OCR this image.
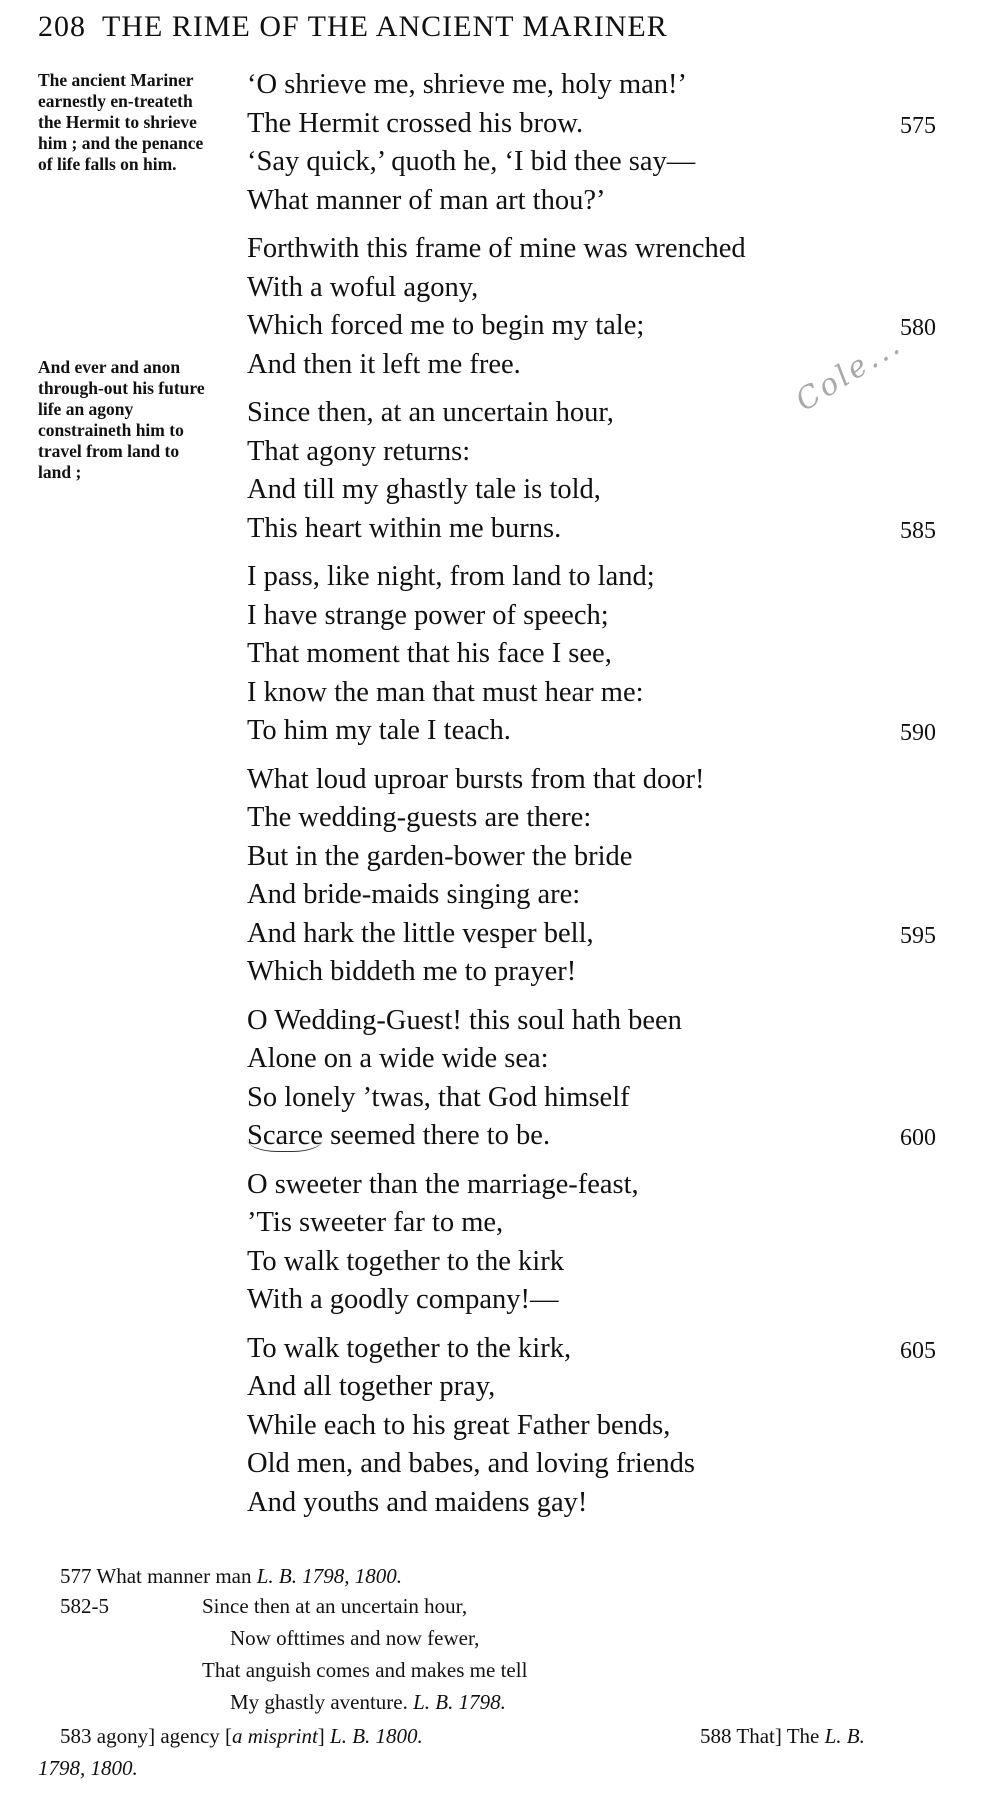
208 THE RIME OF THE ANCIENT MARINER
The ancient Mariner earnestly en-treateth the Hermit to shrieve him ; and the penance of life falls on him.
And ever and anon through-out his future life an agony constraineth him to travel from land to land ;
Cole...
‘O shrieve me, shrieve me, holy man!’
The Hermit crossed his brow.	575
‘Say quick,’ quoth he, ‘I bid thee say—
What manner of man art thou?’
Forthwith this frame of mine was wrenched
With a woful agony,
Which forced me to begin my tale;	580
And then it left me free.
Since then, at an uncertain hour,
That agony returns:
And till my ghastly tale is told,
This heart within me burns.	585
I pass, like night, from land to land;
I have strange power of speech;
That moment that his face I see,
I know the man that must hear me:
To him my tale I teach.	590
What loud uproar bursts from that door!
The wedding-guests are there:
But in the garden-bower the bride
And bride-maids singing are:
And hark the little vesper bell,	595
Which biddeth me to prayer!
O Wedding-Guest! this soul hath been
Alone on a wide wide sea:
So lonely ’twas, that God himself
Scarce seemed there to be.	600
O sweeter than the marriage-feast,
’Tis sweeter far to me,
To walk together to the kirk
With a goodly company!—
To walk together to the kirk,	605
And all together pray,
While each to his great Father bends,
Old men, and babes, and loving friends
And youths and maidens gay!
577 What manner man L. B. 1798, 1800.
582-5	Since then at an uncertain hour,
Now ofttimes and now fewer,
That anguish comes and makes me tell
My ghastly aventure. L. B. 1798.
583 agony] agency [a misprint] L. B. 1800.	588 That] The L. B.
1798, 1800.
